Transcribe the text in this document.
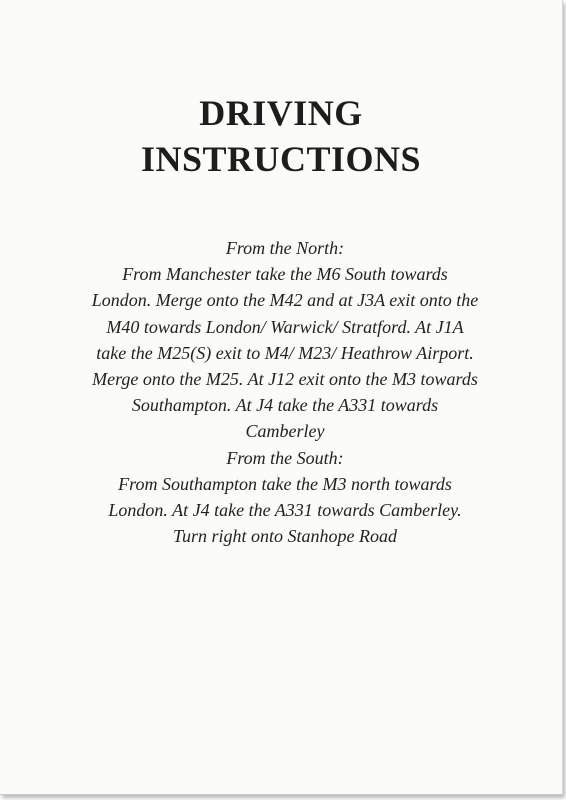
DRIVING
INSTRUCTIONS
From the North:
From Manchester take the M6 South towards
London. Merge onto the M42 and at J3A exit onto the
M40 towards London/ Warwick/ Stratford. At J1A
take the M25(S) exit to M4/ M23/ Heathrow Airport.
Merge onto the M25. At J12 exit onto the M3 towards
Southampton. At J4 take the A331 towards
Camberley
From the South:
From Southampton take the M3 north towards
London. At J4 take the A331 towards Camberley.
Turn right onto Stanhope Road
